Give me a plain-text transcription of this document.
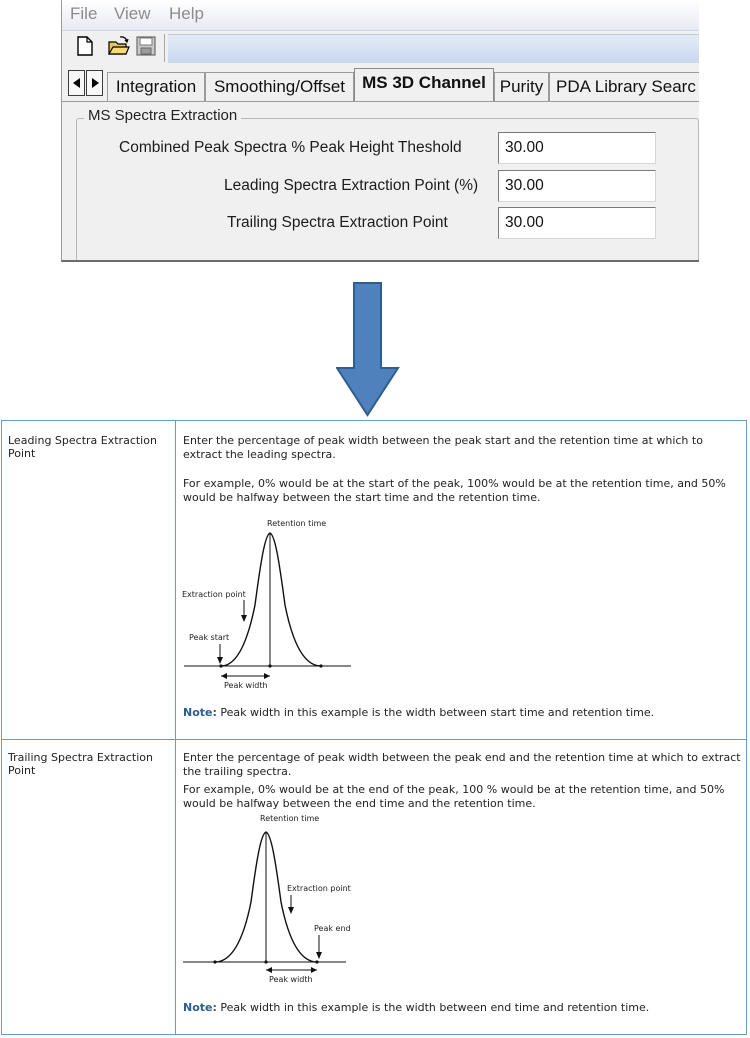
File View Help
Integration	Smoothing/Offset	MS 3D Channel Purity PDA Library Searc
MS Spectra Extraction
Combined Peak Spectra % Peak Height Theshold
30.00
Leading Spectra Extraction Point (%)
30.00
Trailing Spectra Extraction Point
30.00
Leading Spectra Extraction Point
Enter the percentage of peak width between the peak start and the retention time at which to extract the leading spectra.
For example, 0% would be at the start of the peak, 100% would be at the retention time, and 50% would be halfway between the start time and the retention time.
Retention time
Extraction point
Peak start
Peak width
Note: Peak width in this example is the width between start time and retention time.
Trailing Spectra Extraction Point
Enter the percentage of peak width between the peak end and the retention time at which to extract the trailing spectra.
For example, 0% would be at the end of the peak, 100 % would be at the retention time, and 50% would be halfway between the end time and the retention time.
Retention time
Extraction point
Peak end
Peak width
Note: Peak width in this example is the width between end time and retention time.
